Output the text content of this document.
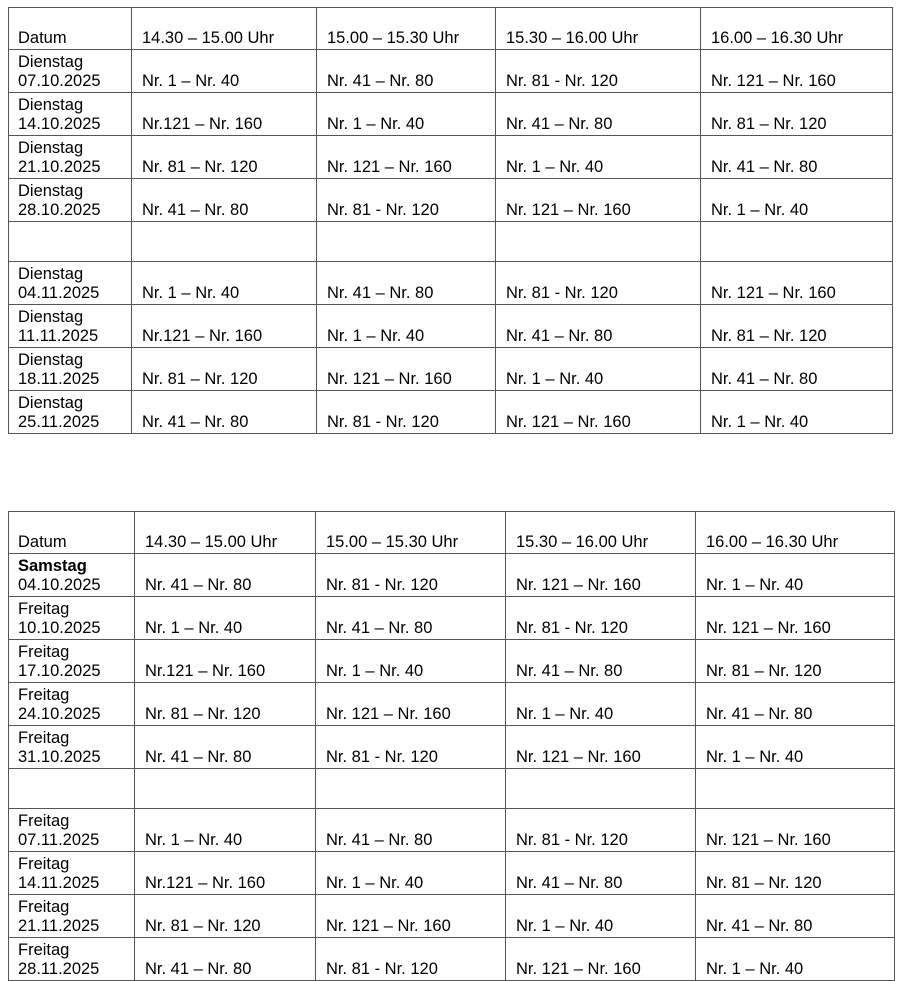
Datum	14.30 – 15.00 Uhr	15.00 – 15.30 Uhr	15.30 – 16.00 Uhr	16.00 – 16.30 Uhr

Dienstag
07.10.2025	Nr. 1 – Nr. 40	Nr. 41 – Nr. 80	Nr. 81 - Nr. 120	Nr. 121 – Nr. 160

Dienstag
14.10.2025	Nr.121 – Nr. 160	Nr. 1 – Nr. 40	Nr. 41 – Nr. 80	Nr. 81 – Nr. 120

Dienstag
21.10.2025	Nr. 81 – Nr. 120	Nr. 121 – Nr. 160	Nr. 1 – Nr. 40	Nr. 41 – Nr. 80

Dienstag
28.10.2025	Nr. 41 – Nr. 80	Nr. 81 - Nr. 120	Nr. 121 – Nr. 160	Nr. 1 – Nr. 40

Dienstag
04.11.2025	Nr. 1 – Nr. 40	Nr. 41 – Nr. 80	Nr. 81 - Nr. 120	Nr. 121 – Nr. 160

Dienstag
11.11.2025	Nr.121 – Nr. 160	Nr. 1 – Nr. 40	Nr. 41 – Nr. 80	Nr. 81 – Nr. 120

Dienstag
18.11.2025	Nr. 81 – Nr. 120	Nr. 121 – Nr. 160	Nr. 1 – Nr. 40	Nr. 41 – Nr. 80

Dienstag
25.11.2025	Nr. 41 – Nr. 80	Nr. 81 - Nr. 120	Nr. 121 – Nr. 160	Nr. 1 – Nr. 40
Datum	14.30 – 15.00 Uhr	15.00 – 15.30 Uhr	15.30 – 16.00 Uhr	16.00 – 16.30 Uhr

Samstag
04.10.2025	Nr. 41 – Nr. 80	Nr. 81 - Nr. 120	Nr. 121 – Nr. 160	Nr. 1 – Nr. 40

Freitag
10.10.2025	Nr. 1 – Nr. 40	Nr. 41 – Nr. 80	Nr. 81 - Nr. 120	Nr. 121 – Nr. 160

Freitag
17.10.2025	Nr.121 – Nr. 160	Nr. 1 – Nr. 40	Nr. 41 – Nr. 80	Nr. 81 – Nr. 120

Freitag
24.10.2025	Nr. 81 – Nr. 120	Nr. 121 – Nr. 160	Nr. 1 – Nr. 40	Nr. 41 – Nr. 80

Freitag
31.10.2025	Nr. 41 – Nr. 80	Nr. 81 - Nr. 120	Nr. 121 – Nr. 160	Nr. 1 – Nr. 40

Freitag
07.11.2025	Nr. 1 – Nr. 40	Nr. 41 – Nr. 80	Nr. 81 - Nr. 120	Nr. 121 – Nr. 160

Freitag
14.11.2025	Nr.121 – Nr. 160	Nr. 1 – Nr. 40	Nr. 41 – Nr. 80	Nr. 81 – Nr. 120

Freitag
21.11.2025	Nr. 81 – Nr. 120	Nr. 121 – Nr. 160	Nr. 1 – Nr. 40	Nr. 41 – Nr. 80

Freitag
28.11.2025	Nr. 41 – Nr. 80	Nr. 81 - Nr. 120	Nr. 121 – Nr. 160	Nr. 1 – Nr. 40
